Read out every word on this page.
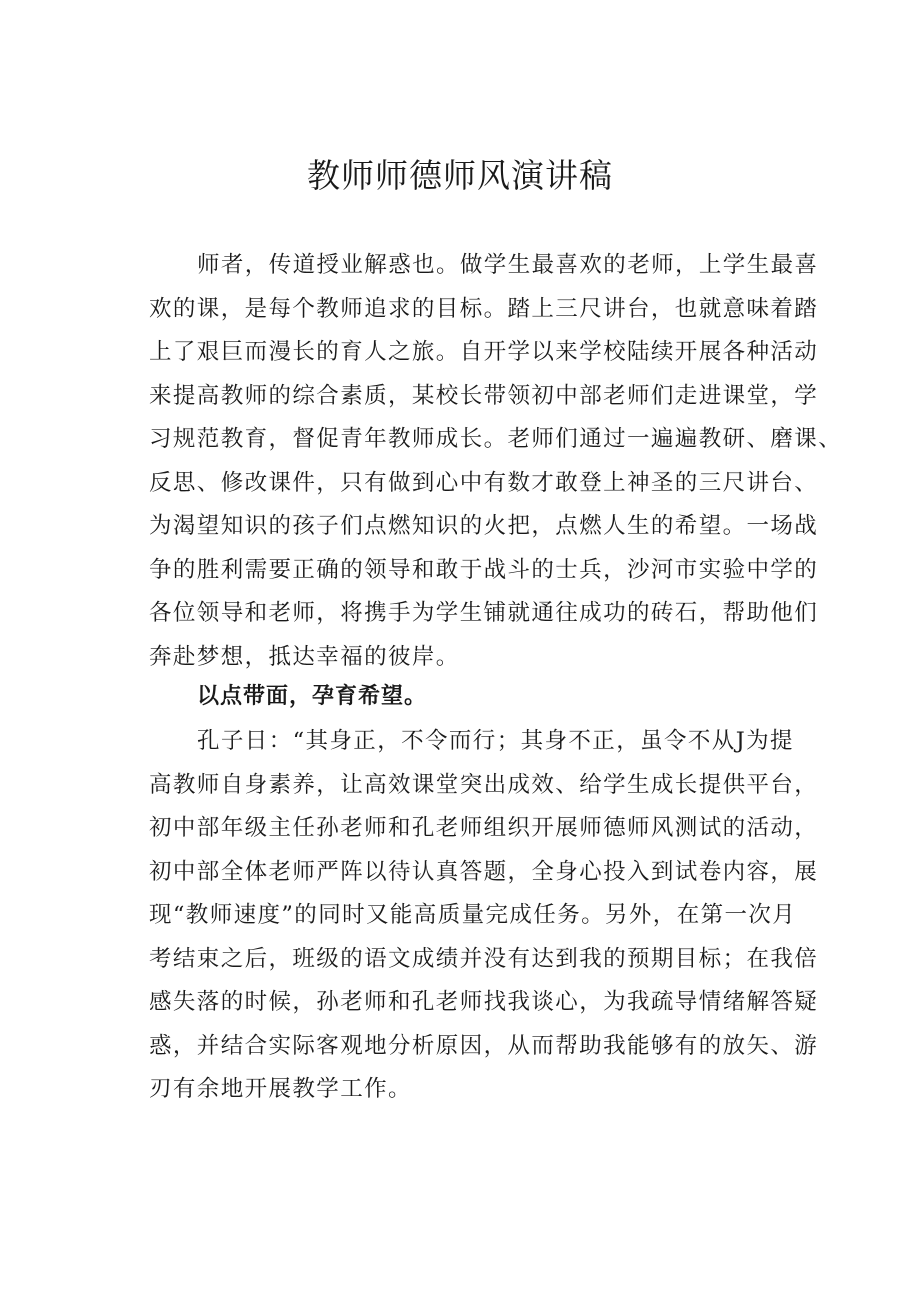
教师师德师风演讲稿
师者，传道授业解惑也。做学生最喜欢的老师，上学生最喜
欢的课，是每个教师追求的目标。踏上三尺讲台，也就意味着踏
上了艰巨而漫长的育人之旅。自开学以来学校陆续开展各种活动
来提高教师的综合素质，某校长带领初中部老师们走进课堂，学
习规范教育，督促青年教师成长。老师们通过一遍遍教研、磨课、
反思、修改课件，只有做到心中有数才敢登上神圣的三尺讲台、
为渴望知识的孩子们点燃知识的火把，点燃人生的希望。一场战
争的胜利需要正确的领导和敢于战斗的士兵，沙河市实验中学的
各位领导和老师，将携手为学生铺就通往成功的砖石，帮助他们
奔赴梦想，抵达幸福的彼岸。
以点带面，孕育希望。
孔子日：“其身正，不令而行；其身不正，虽令不从J为提
高教师自身素养，让高效课堂突出成效、给学生成长提供平台，
初中部年级主任孙老师和孔老师组织开展师德师风测试的活动，
初中部全体老师严阵以待认真答题，全身心投入到试卷内容，展
现“教师速度”的同时又能高质量完成任务。另外，在第一次月
考结束之后，班级的语文成绩并没有达到我的预期目标；在我倍
感失落的时候，孙老师和孔老师找我谈心，为我疏导情绪解答疑
惑，并结合实际客观地分析原因，从而帮助我能够有的放矢、游
刃有余地开展教学工作。
